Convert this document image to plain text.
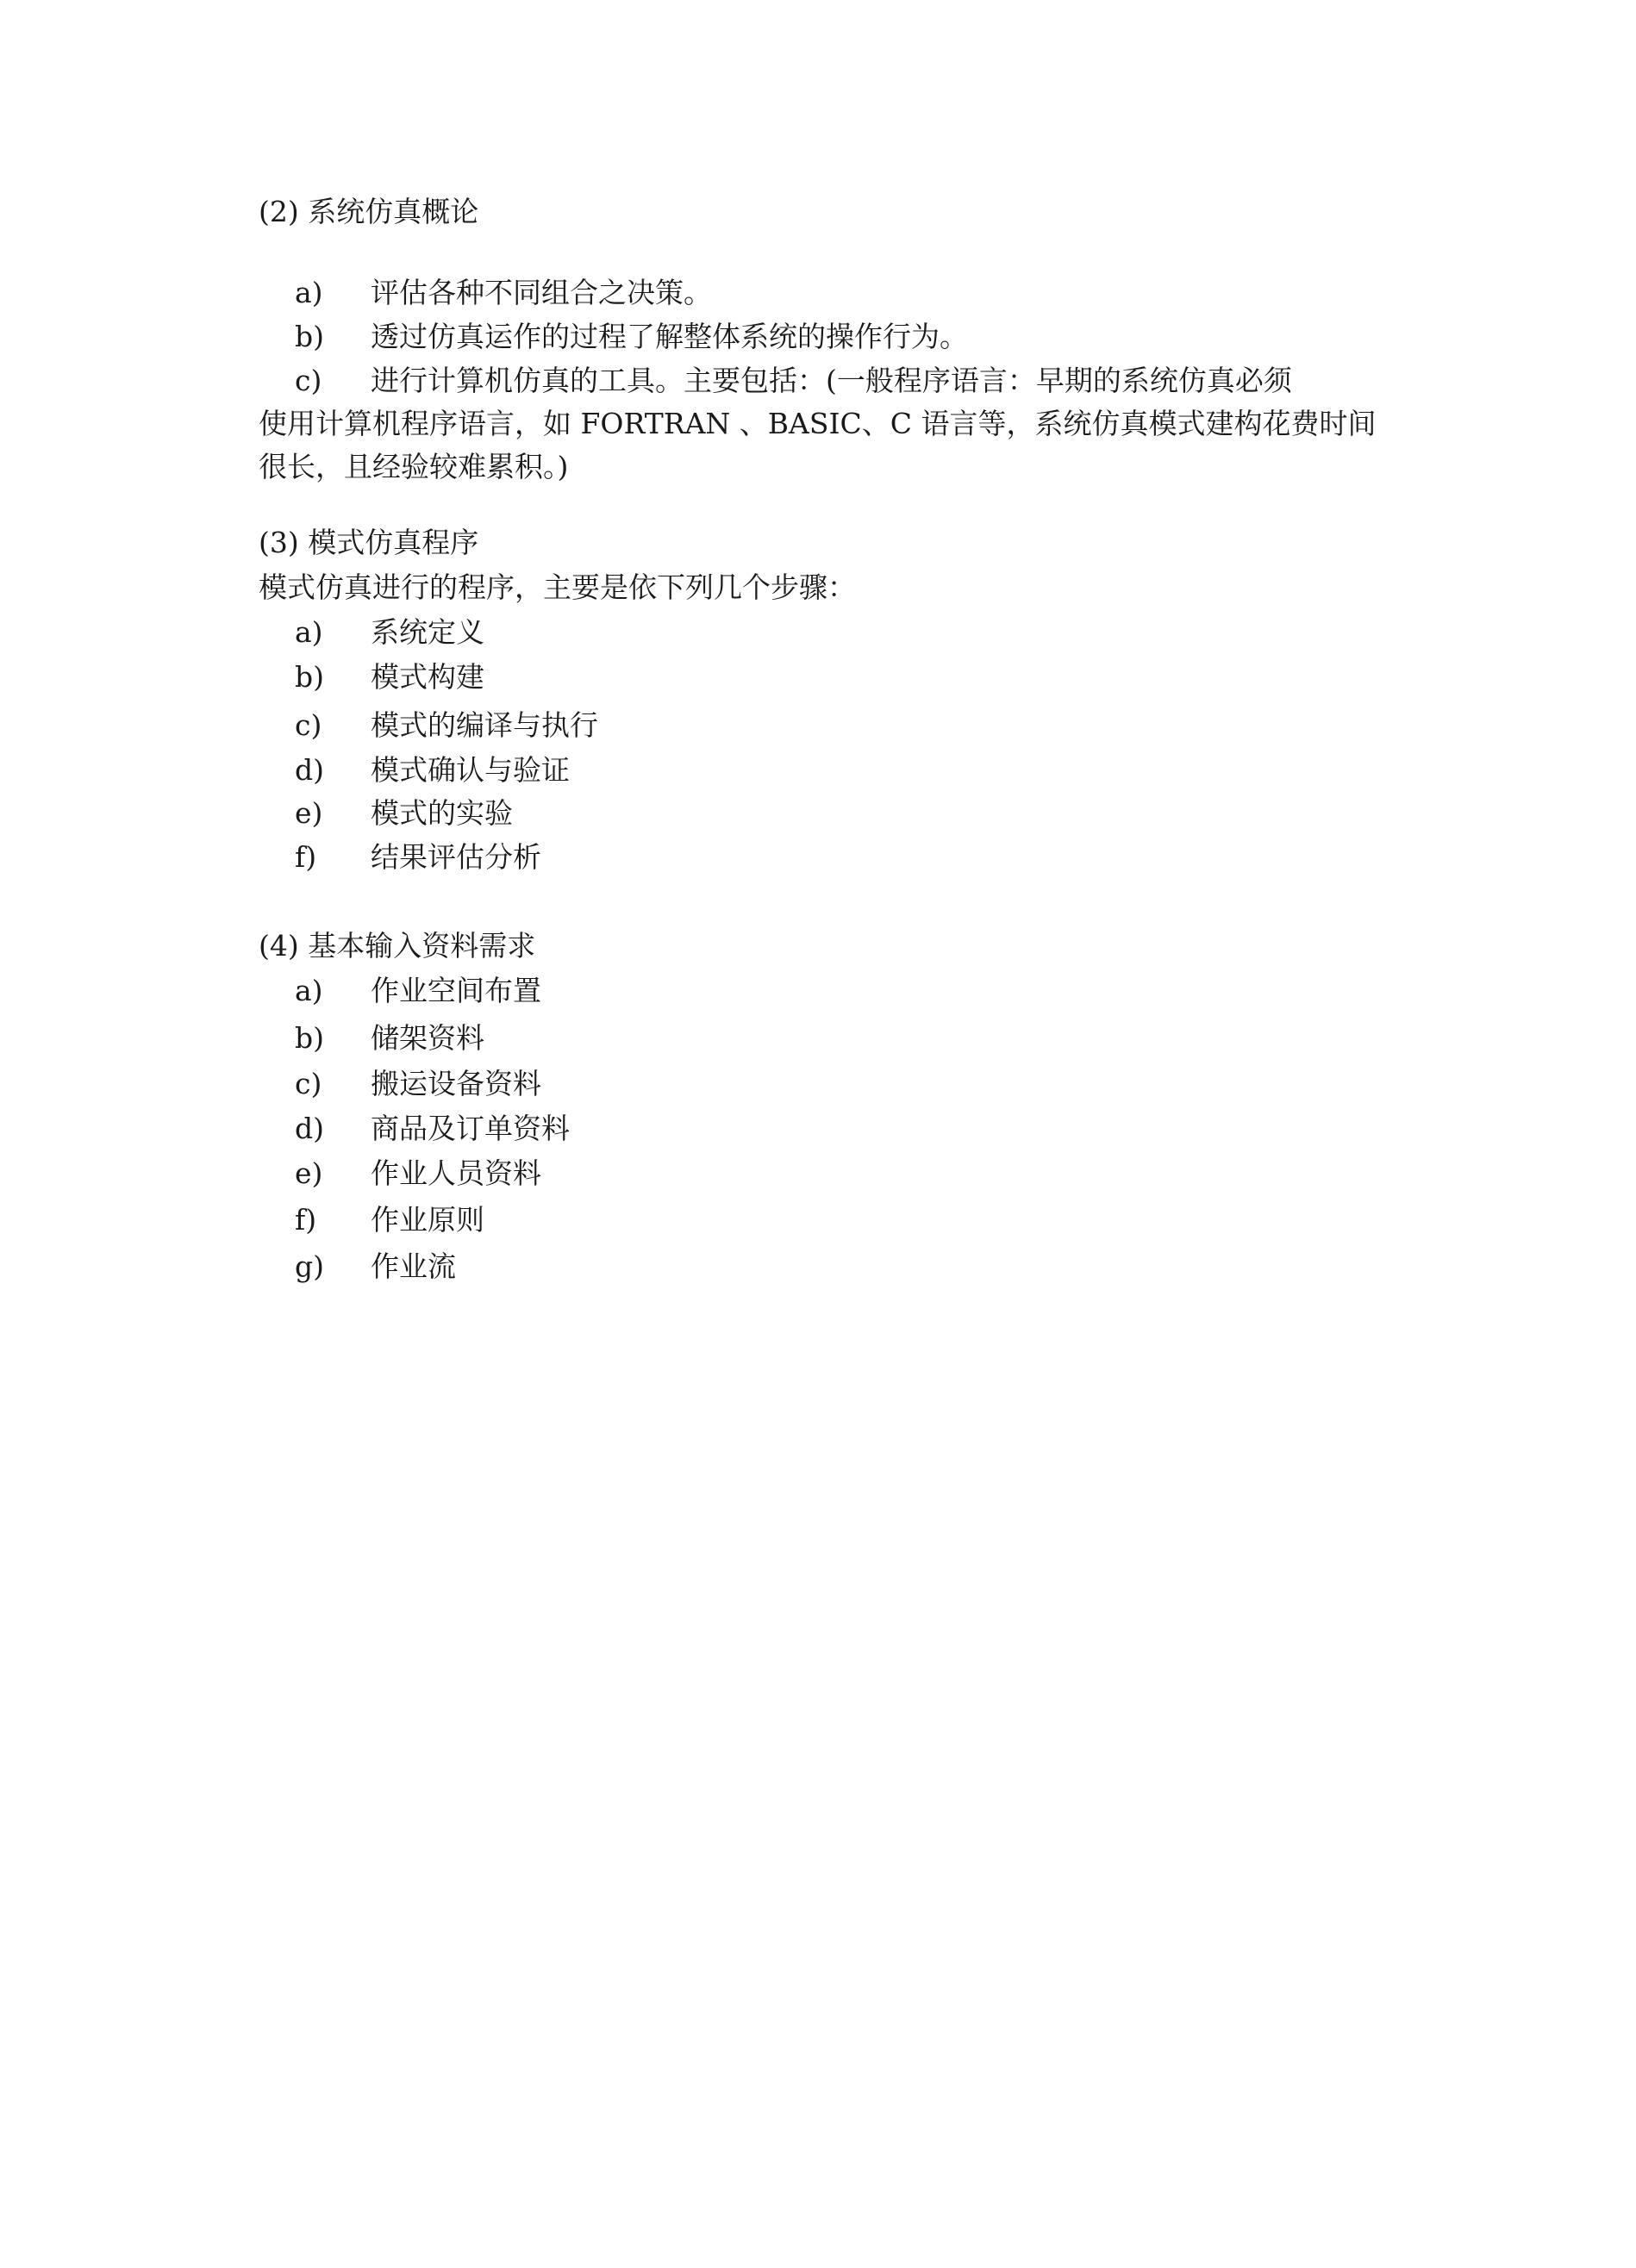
(2) 系统仿真概论
a) 评估各种不同组合之决策。
b) 透过仿真运作的过程了解整体系统的操作行为。
c) 进行计算机仿真的工具。主要包括：(一般程序语言：早期的系统仿真必须
使用计算机程序语言，如 FORTRAN 、BASIC、C 语言等，系统仿真模式建构花费时间
很长，且经验较难累积。)
(3) 模式仿真程序
模式仿真进行的程序，主要是依下列几个步骤：
a) 系统定义
b) 模式构建
c) 模式的编译与执行
d) 模式确认与验证
e) 模式的实验
f) 结果评估分析
(4) 基本输入资料需求
a) 作业空间布置
b) 储架资料
c) 搬运设备资料
d) 商品及订单资料
e) 作业人员资料
f) 作业原则
g) 作业流
